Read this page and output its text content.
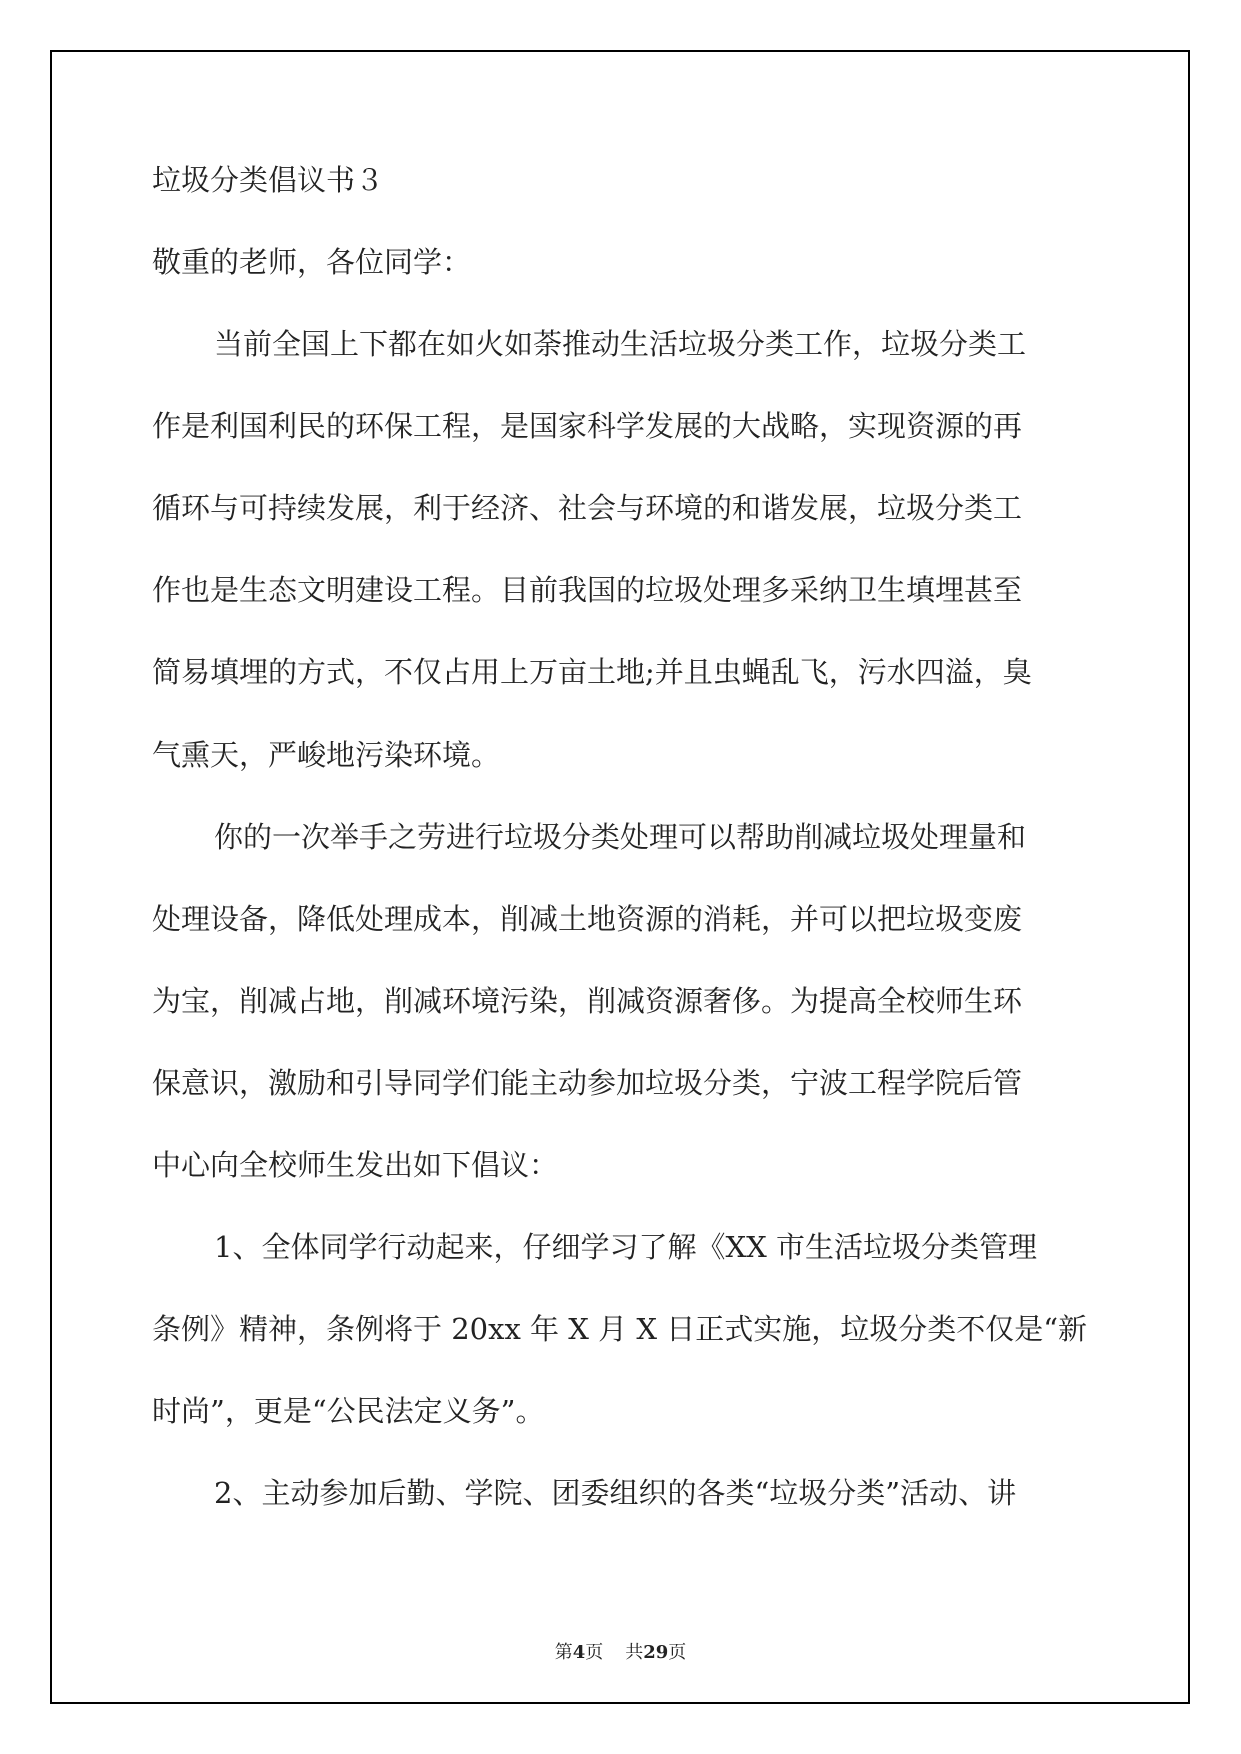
垃圾分类倡议书３
敬重的老师，各位同学：
当前全国上下都在如火如荼推动生活垃圾分类工作，垃圾分类工
作是利国利民的环保工程，是国家科学发展的大战略，实现资源的再
循环与可持续发展，利于经济、社会与环境的和谐发展，垃圾分类工
作也是生态文明建设工程。目前我国的垃圾处理多采纳卫生填埋甚至
简易填埋的方式，不仅占用上万亩土地;并且虫蝇乱飞，污水四溢，臭
气熏天，严峻地污染环境。
你的一次举手之劳进行垃圾分类处理可以帮助削减垃圾处理量和
处理设备，降低处理成本，削减土地资源的消耗，并可以把垃圾变废
为宝，削减占地，削减环境污染，削减资源奢侈。为提高全校师生环
保意识，激励和引导同学们能主动参加垃圾分类，宁波工程学院后管
中心向全校师生发出如下倡议：
1、全体同学行动起来，仔细学习了解《XX 市生活垃圾分类管理
条例》精神，条例将于 20xx 年 X 月 X 日正式实施，垃圾分类不仅是“新
时尚”，更是“公民法定义务”。
2、主动参加后勤、学院、团委组织的各类“垃圾分类”活动、讲
第4页 共29页
